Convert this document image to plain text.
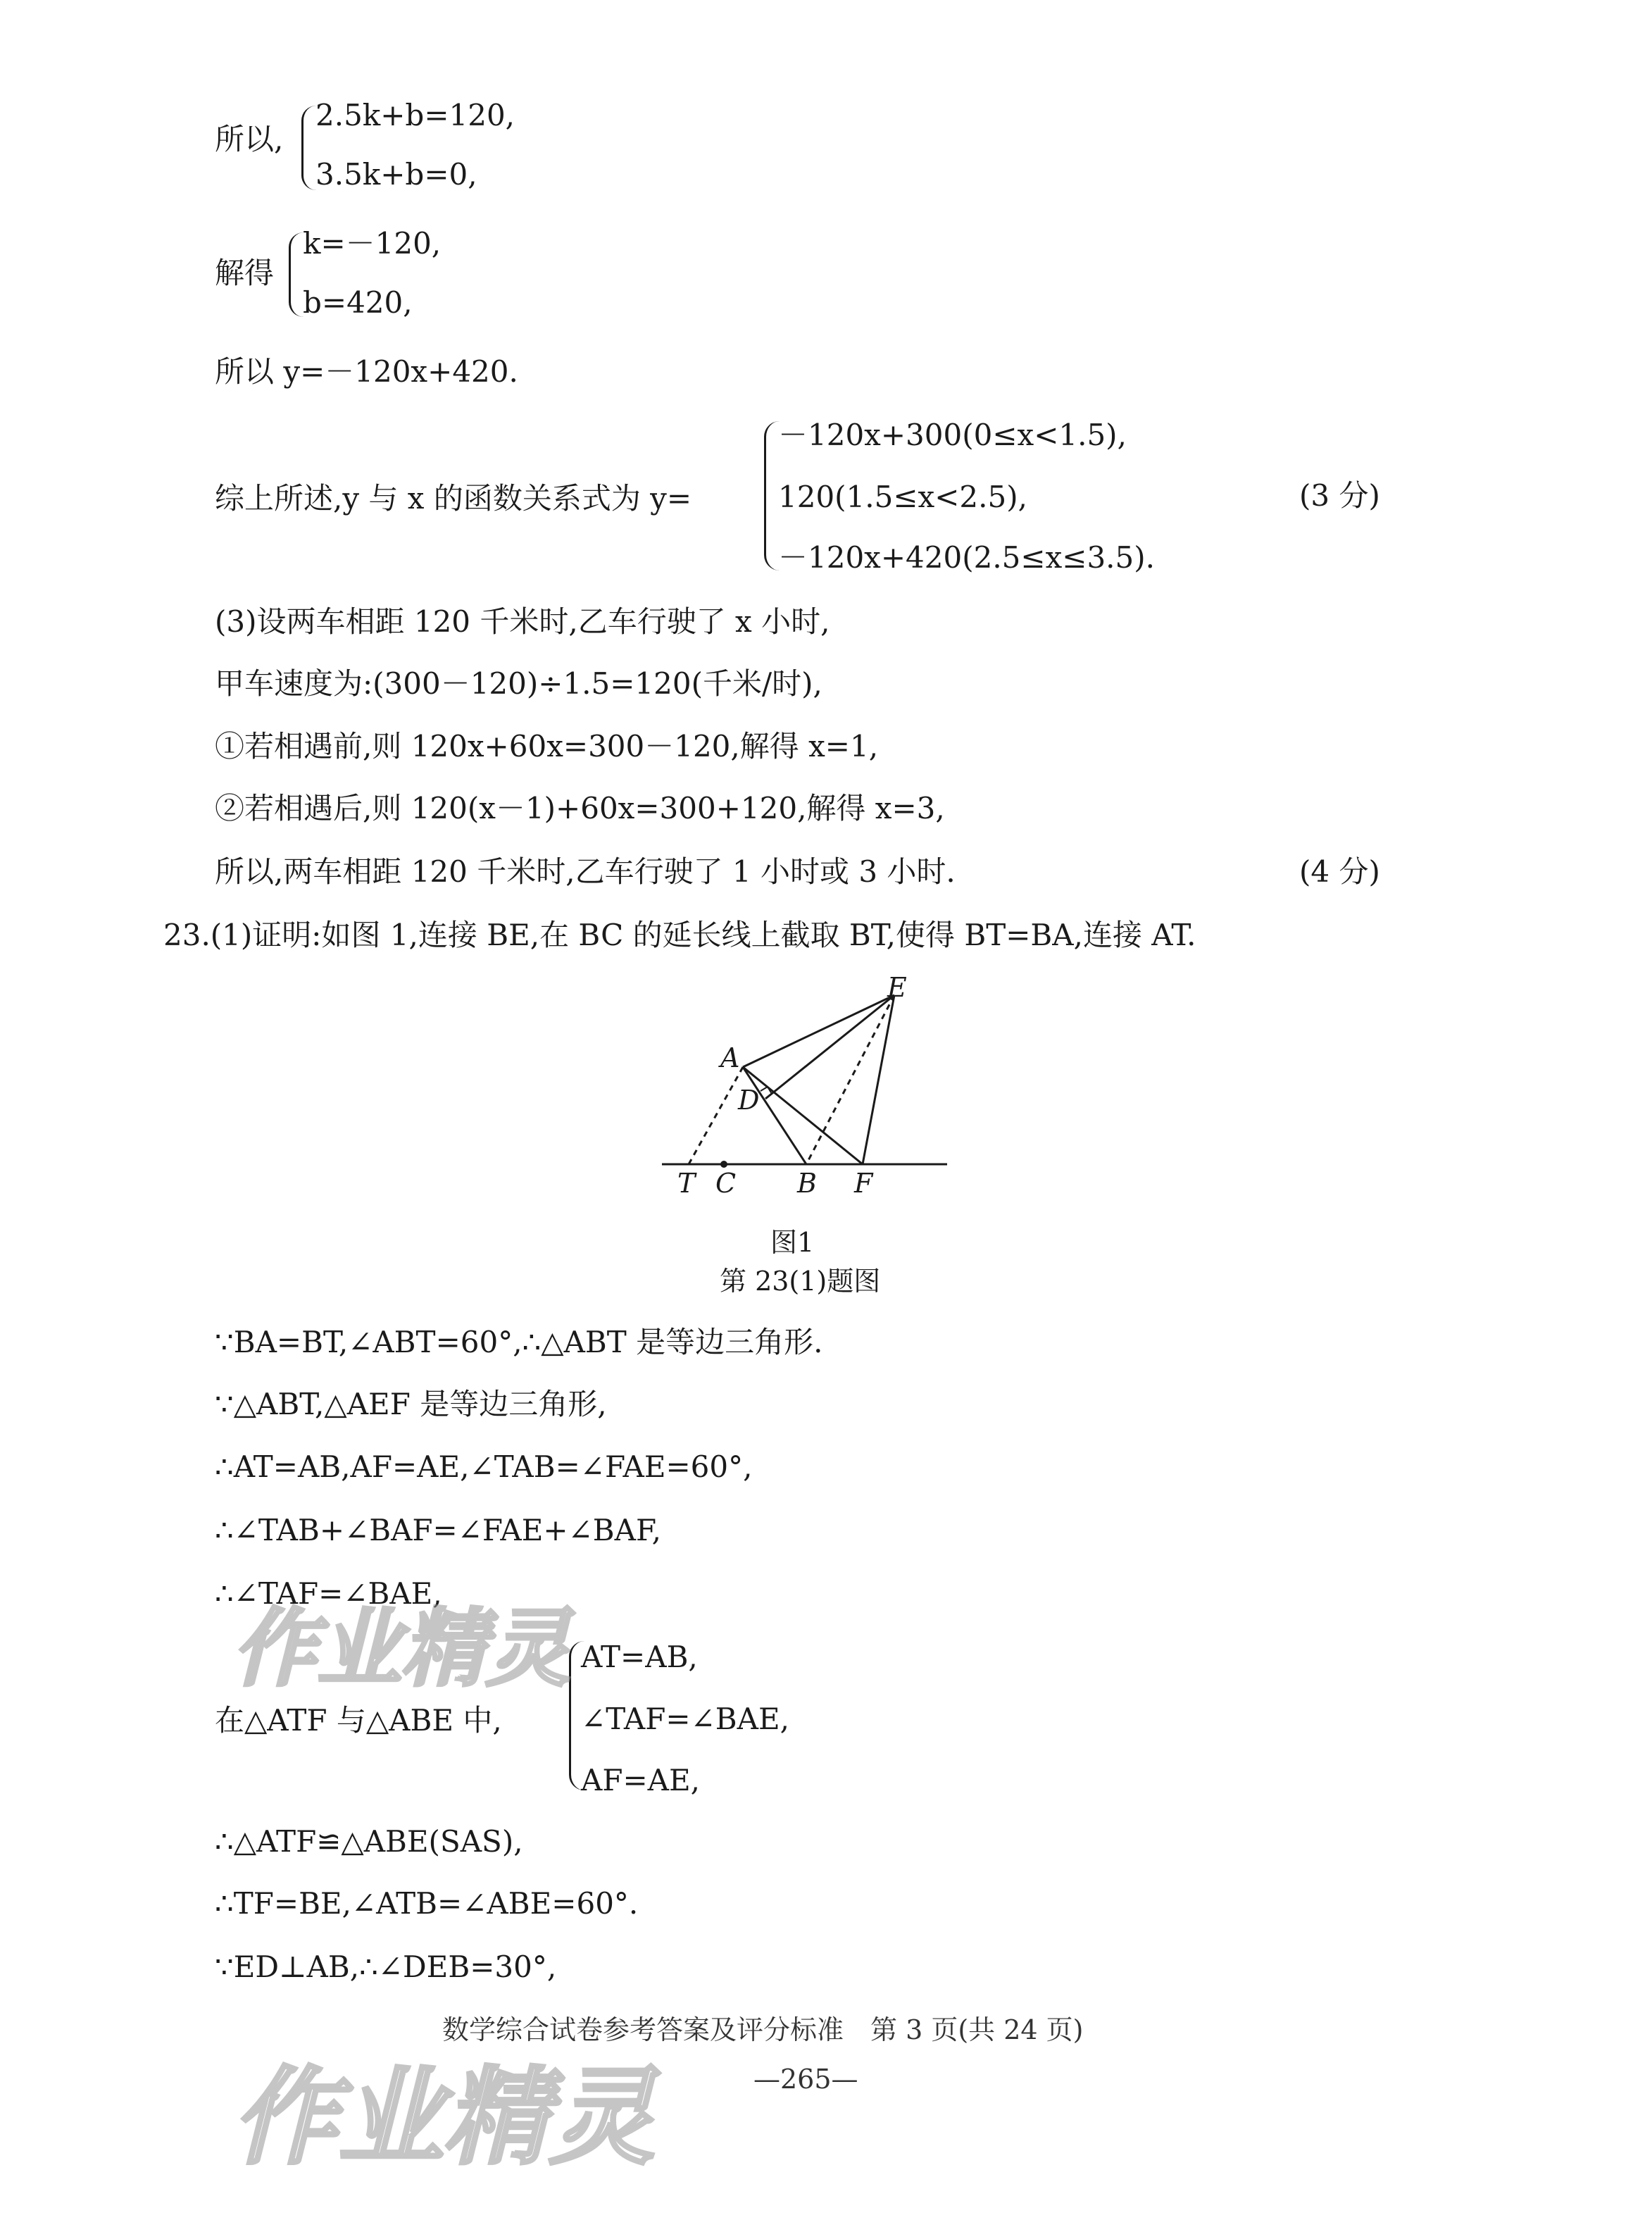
所以,
2.5k+b=120,
3.5k+b=0,
解得
k=－120,
b=420,
所以 y=－120x+420.
综上所述,y 与 x 的函数关系式为 y=
－120x+300(0≤x<1.5),
120(1.5≤x<2.5),
－120x+420(2.5≤x≤3.5).
(3 分)
(3)设两车相距 120 千米时,乙车行驶了 x 小时,
甲车速度为:(300－120)÷1.5=120(千米/时),
①若相遇前,则 120x+60x=300－120,解得 x=1,
②若相遇后,则 120(x－1)+60x=300+120,解得 x=3,
所以,两车相距 120 千米时,乙车行驶了 1 小时或 3 小时.	(4 分)
23.(1)证明:如图 1,连接 BE,在 BC 的延长线上截取 BT,使得 BT=BA,连接 AT.
E
A
D
T C B F
图1
第 23(1)题图
∵BA=BT,∠ABT=60°,∴△ABT 是等边三角形.
∵△ABT,△AEF 是等边三角形,
∴AT=AB,AF=AE,∠TAB=∠FAE=60°,
∴∠TAB+∠BAF=∠FAE+∠BAF,
∴∠TAF=∠BAE,
在△ATF 与△ABE 中,
AT=AB,
∠TAF=∠BAE,
AF=AE,
∴△ATF≌△ABE(SAS),
∴TF=BE,∠ATB=∠ABE=60°.
∵ED⊥AB,∴∠DEB=30°,
数学综合试卷参考答案及评分标准　第 3 页(共 24 页)
—265—
作业精灵
作业精灵
